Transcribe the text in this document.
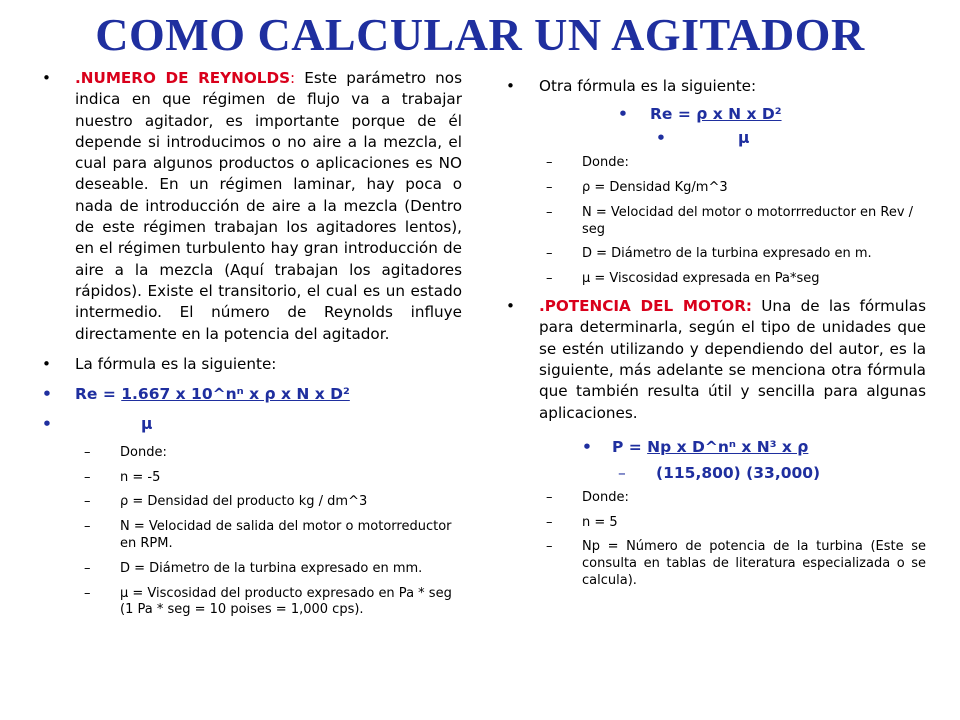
COMO CALCULAR UN AGITADOR
• .NUMERO DE REYNOLDS: Este parámetro nos indica en que régimen de flujo va a trabajar nuestro agitador, es importante porque de él depende si introducimos o no aire a la mezcla, el cual para algunos productos o aplicaciones es NO deseable. En un régimen laminar, hay poca o nada de introducción de aire a la mezcla (Dentro de este régimen trabajan los agitadores lentos), en el régimen turbulento hay gran introducción de aire a la mezcla (Aquí trabajan los agitadores rápidos). Existe el transitorio, el cual es un estado intermedio. El número de Reynolds influye directamente en la potencia del agitador.
• La fórmula es la siguiente:
• Re = 1.667 x 10^nⁿ x ρ x N x D²
•	μ
– Donde:
– n = -5
– ρ = Densidad del producto kg / dm^3
– N = Velocidad de salida del motor o motorreductor en RPM.
– D = Diámetro de la turbina expresado en mm.
– μ = Viscosidad del producto expresado en Pa * seg (1 Pa * seg = 10 poises = 1,000 cps).
• Otra fórmula es la siguiente:
• Re = ρ x N x D²
•	μ
– Donde:
– ρ = Densidad Kg/m^3
– N = Velocidad del motor o motorrreductor en Rev / seg
– D = Diámetro de la turbina expresado en m.
– μ = Viscosidad expresada en Pa*seg
• .POTENCIA DEL MOTOR: Una de las fórmulas para determinarla, según el tipo de unidades que se estén utilizando y dependiendo del autor, es la siguiente, más adelante se menciona otra fórmula que también resulta útil y sencilla para algunas aplicaciones.
• P = Np x D^nⁿ x N³ x ρ
– (115,800) (33,000)
– Donde:
– n = 5
– Np = Número de potencia de la turbina (Este se consulta en tablas de literatura especializada o se calcula).
